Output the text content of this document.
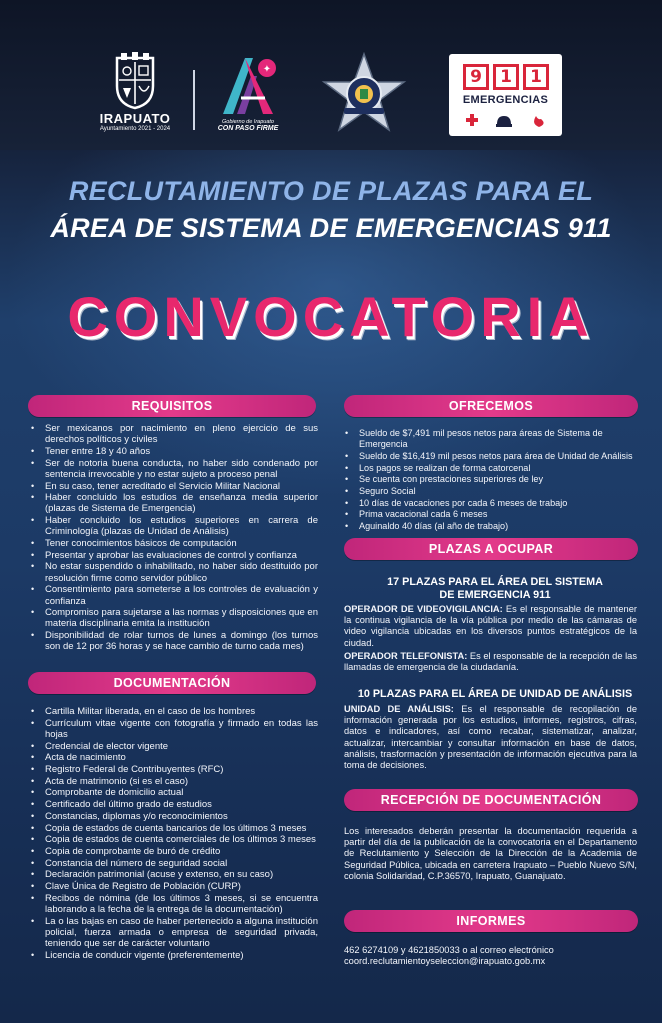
IRAPUATO
Ayuntamiento 2021 - 2024
✦
Gobierno de Irapuato
CON PASO FIRME
9	1	1
EMERGENCIAS
RECLUTAMIENTO DE PLAZAS PARA EL
ÁREA DE SISTEMA DE EMERGENCIAS 911
CONVOCATORIA
REQUISITOS
• Ser mexicanos por nacimiento en pleno ejercicio de sus derechos políticos y civiles
• Tener entre 18 y 40 años
• Ser de notoria buena conducta, no haber sido condenado por sentencia irrevocable y no estar sujeto a proceso penal
• En su caso, tener acreditado el Servicio Militar Nacional
• Haber concluido los estudios de enseñanza media superior (plazas de Sistema de Emergencia)
• Haber concluido los estudios superiores en carrera de Criminología (plazas de Unidad de Análisis)
• Tener conocimientos básicos de computación
• Presentar y aprobar las evaluaciones de control y confianza
• No estar suspendido o inhabilitado, no haber sido destituido por resolución firme como servidor público
• Consentimiento para someterse a los controles de evaluación y confianza
• Compromiso para sujetarse a las normas y disposiciones que en materia disciplinaria emita la institución
• Disponibilidad de rolar turnos de lunes a domingo (los turnos son de 12 por 36 horas y se hace cambio de turno cada mes)
DOCUMENTACIÓN
• Cartilla Militar liberada, en el caso de los hombres
• Currículum vitae vigente con fotografía y firmado en todas las hojas
• Credencial de elector vigente
• Acta de nacimiento
• Registro Federal de Contribuyentes (RFC)
• Acta de matrimonio (si es el caso)
• Comprobante de domicilio actual
• Certificado del último grado de estudios
• Constancias, diplomas y/o reconocimientos
• Copia de estados de cuenta bancarios de los últimos 3 meses
• Copia de estados de cuenta comerciales de los últimos 3 meses
• Copia de comprobante de buró de crédito
• Constancia del número de seguridad social
• Declaración patrimonial (acuse y extenso, en su caso)
• Clave Única de Registro de Población (CURP)
• Recibos de nómina (de los últimos 3 meses, si se encuentra laborando a la fecha de la entrega de la documentación)
• La o las bajas en caso de haber pertenecido a alguna institución policial, fuerza armada o empresa de seguridad privada, teniendo que ser de carácter voluntario
• Licencia de conducir vigente (preferentemente)
OFRECEMOS
• Sueldo de $7,491 mil pesos netos para áreas de Sistema de Emergencia
• Sueldo de $16,419 mil pesos netos para área de Unidad de Análisis
• Los pagos se realizan de forma catorcenal
• Se cuenta con prestaciones superiores de ley
• Seguro Social
• 10 días de vacaciones por cada 6 meses de trabajo
• Prima vacacional cada 6 meses
• Aguinaldo 40 días (al año de trabajo)
PLAZAS A OCUPAR
17 PLAZAS PARA EL ÁREA DEL SISTEMA
DE EMERGENCIA 911
OPERADOR DE VIDEOVIGILANCIA: Es el responsable de mantener la continua vigilancia de la vía pública por medio de las cámaras de video vigilancia ubicadas en los diversos puntos estratégicos de la ciudad.
OPERADOR TELEFONISTA: Es el responsable de la recepción de las llamadas de emergencia de la ciudadanía.
10 PLAZAS PARA EL ÁREA DE UNIDAD DE ANÁLISIS
UNIDAD DE ANÁLISIS: Es el responsable de recopilación de información generada por los estudios, informes, registros, cifras, datos e indicadores, así como recabar, sistematizar, analizar, actualizar, intercambiar y consultar información en base de datos, análisis, trasformación y presentación de información ejecutiva para la toma de decisiones.
RECEPCIÓN DE DOCUMENTACIÓN
Los interesados deberán presentar la documentación requerida a partir del día de la publicación de la convocatoria en el Departamento de Reclutamiento y Selección de la Dirección de la Academia de Seguridad Pública, ubicada en carretera Irapuato – Pueblo Nuevo S/N, colonia Solidaridad, C.P.36570, Irapuato, Guanajuato.
INFORMES
462 6274109 y 4621850033 o al correo electrónico
coord.reclutamientoyseleccion@irapuato.gob.mx
